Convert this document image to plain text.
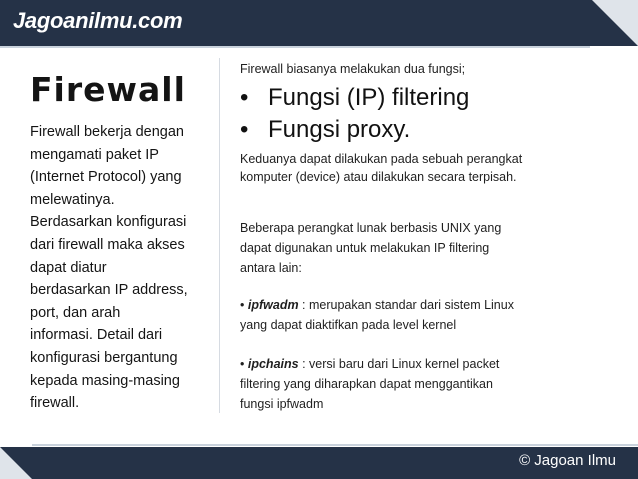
Jagoanilmu.com
Firewall
Firewall bekerja dengan
mengamati paket IP
(Internet Protocol) yang
melewatinya.
Berdasarkan konfigurasi
dari firewall maka akses
dapat diatur
berdasarkan IP address,
port, dan arah
informasi. Detail dari
konfigurasi bergantung
kepada masing-masing
firewall.

Firewall biasanya melakukan dua fungsi;

• Fungsi (IP) filtering
• Fungsi proxy.

Keduanya dapat dilakukan pada sebuah perangkat

komputer (device) atau dilakukan secara terpisah.

Beberapa perangkat lunak berbasis UNIX yang

dapat digunakan untuk melakukan IP filtering

antara lain:

• ipfwadm : merupakan standar dari sistem Linux

yang dapat diaktifkan pada level kernel

• ipchains : versi baru dari Linux kernel packet

filtering yang diharapkan dapat menggantikan

fungsi ipfwadm

© Jagoan Ilmu
